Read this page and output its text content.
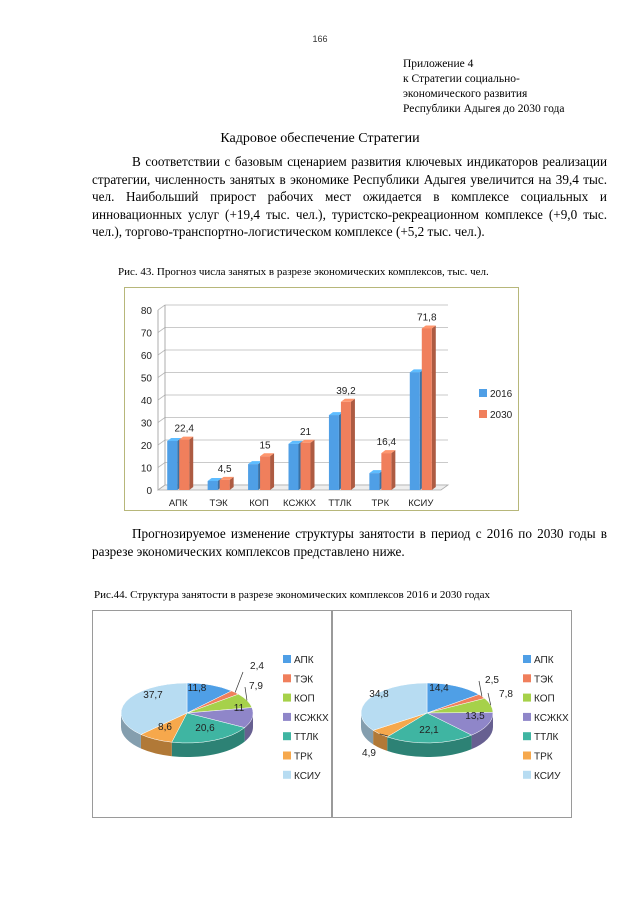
166
Приложение 4
к Стратегии социально-
экономического развития
Республики Адыгея до 2030 года
Кадровое обеспечение Стратегии

В соответствии с базовым сценарием развития ключевых индикаторов реализации стратегии, численность занятых в экономике Республики Адыгея увеличится на 39,4 тыс. чел. Наибольший прирост рабочих мест ожидается в комплексе социальных и инновационных услуг (+19,4 тыс. чел.), туристско-рекреационном комплексе (+9,0 тыс. чел.), торгово-транспортно-логистическом комплексе (+5,2 тыс. чел.).

Рис. 43. Прогноз числа занятых в разрезе экономических комплексов, тыс. чел.
0
10
20
30
40
50
60
70
80
22,4
АПК
4,5
ТЭК
15
КОП
21
КСЖКХ
39,2
ТТЛК
16,4
ТРК
71,8
КСИУ
2016
2030

Прогнозируемое изменение структуры занятости в период с 2016 по 2030 годы в разрезе экономических комплексов представлено ниже.

Рис.44. Структура занятости в разрезе экономических комплексов 2016 и 2030 годах
11,8
2,4
7,9
11
20,6
8,6
37,7
АПК
ТЭК
КОП
КСЖКХ
ТТЛК
ТРК
КСИУ
14,4
2,5
7,8
13,5
22,1
4,9
34,8
АПК
ТЭК
КОП
КСЖКХ
ТТЛК
ТРК
КСИУ
